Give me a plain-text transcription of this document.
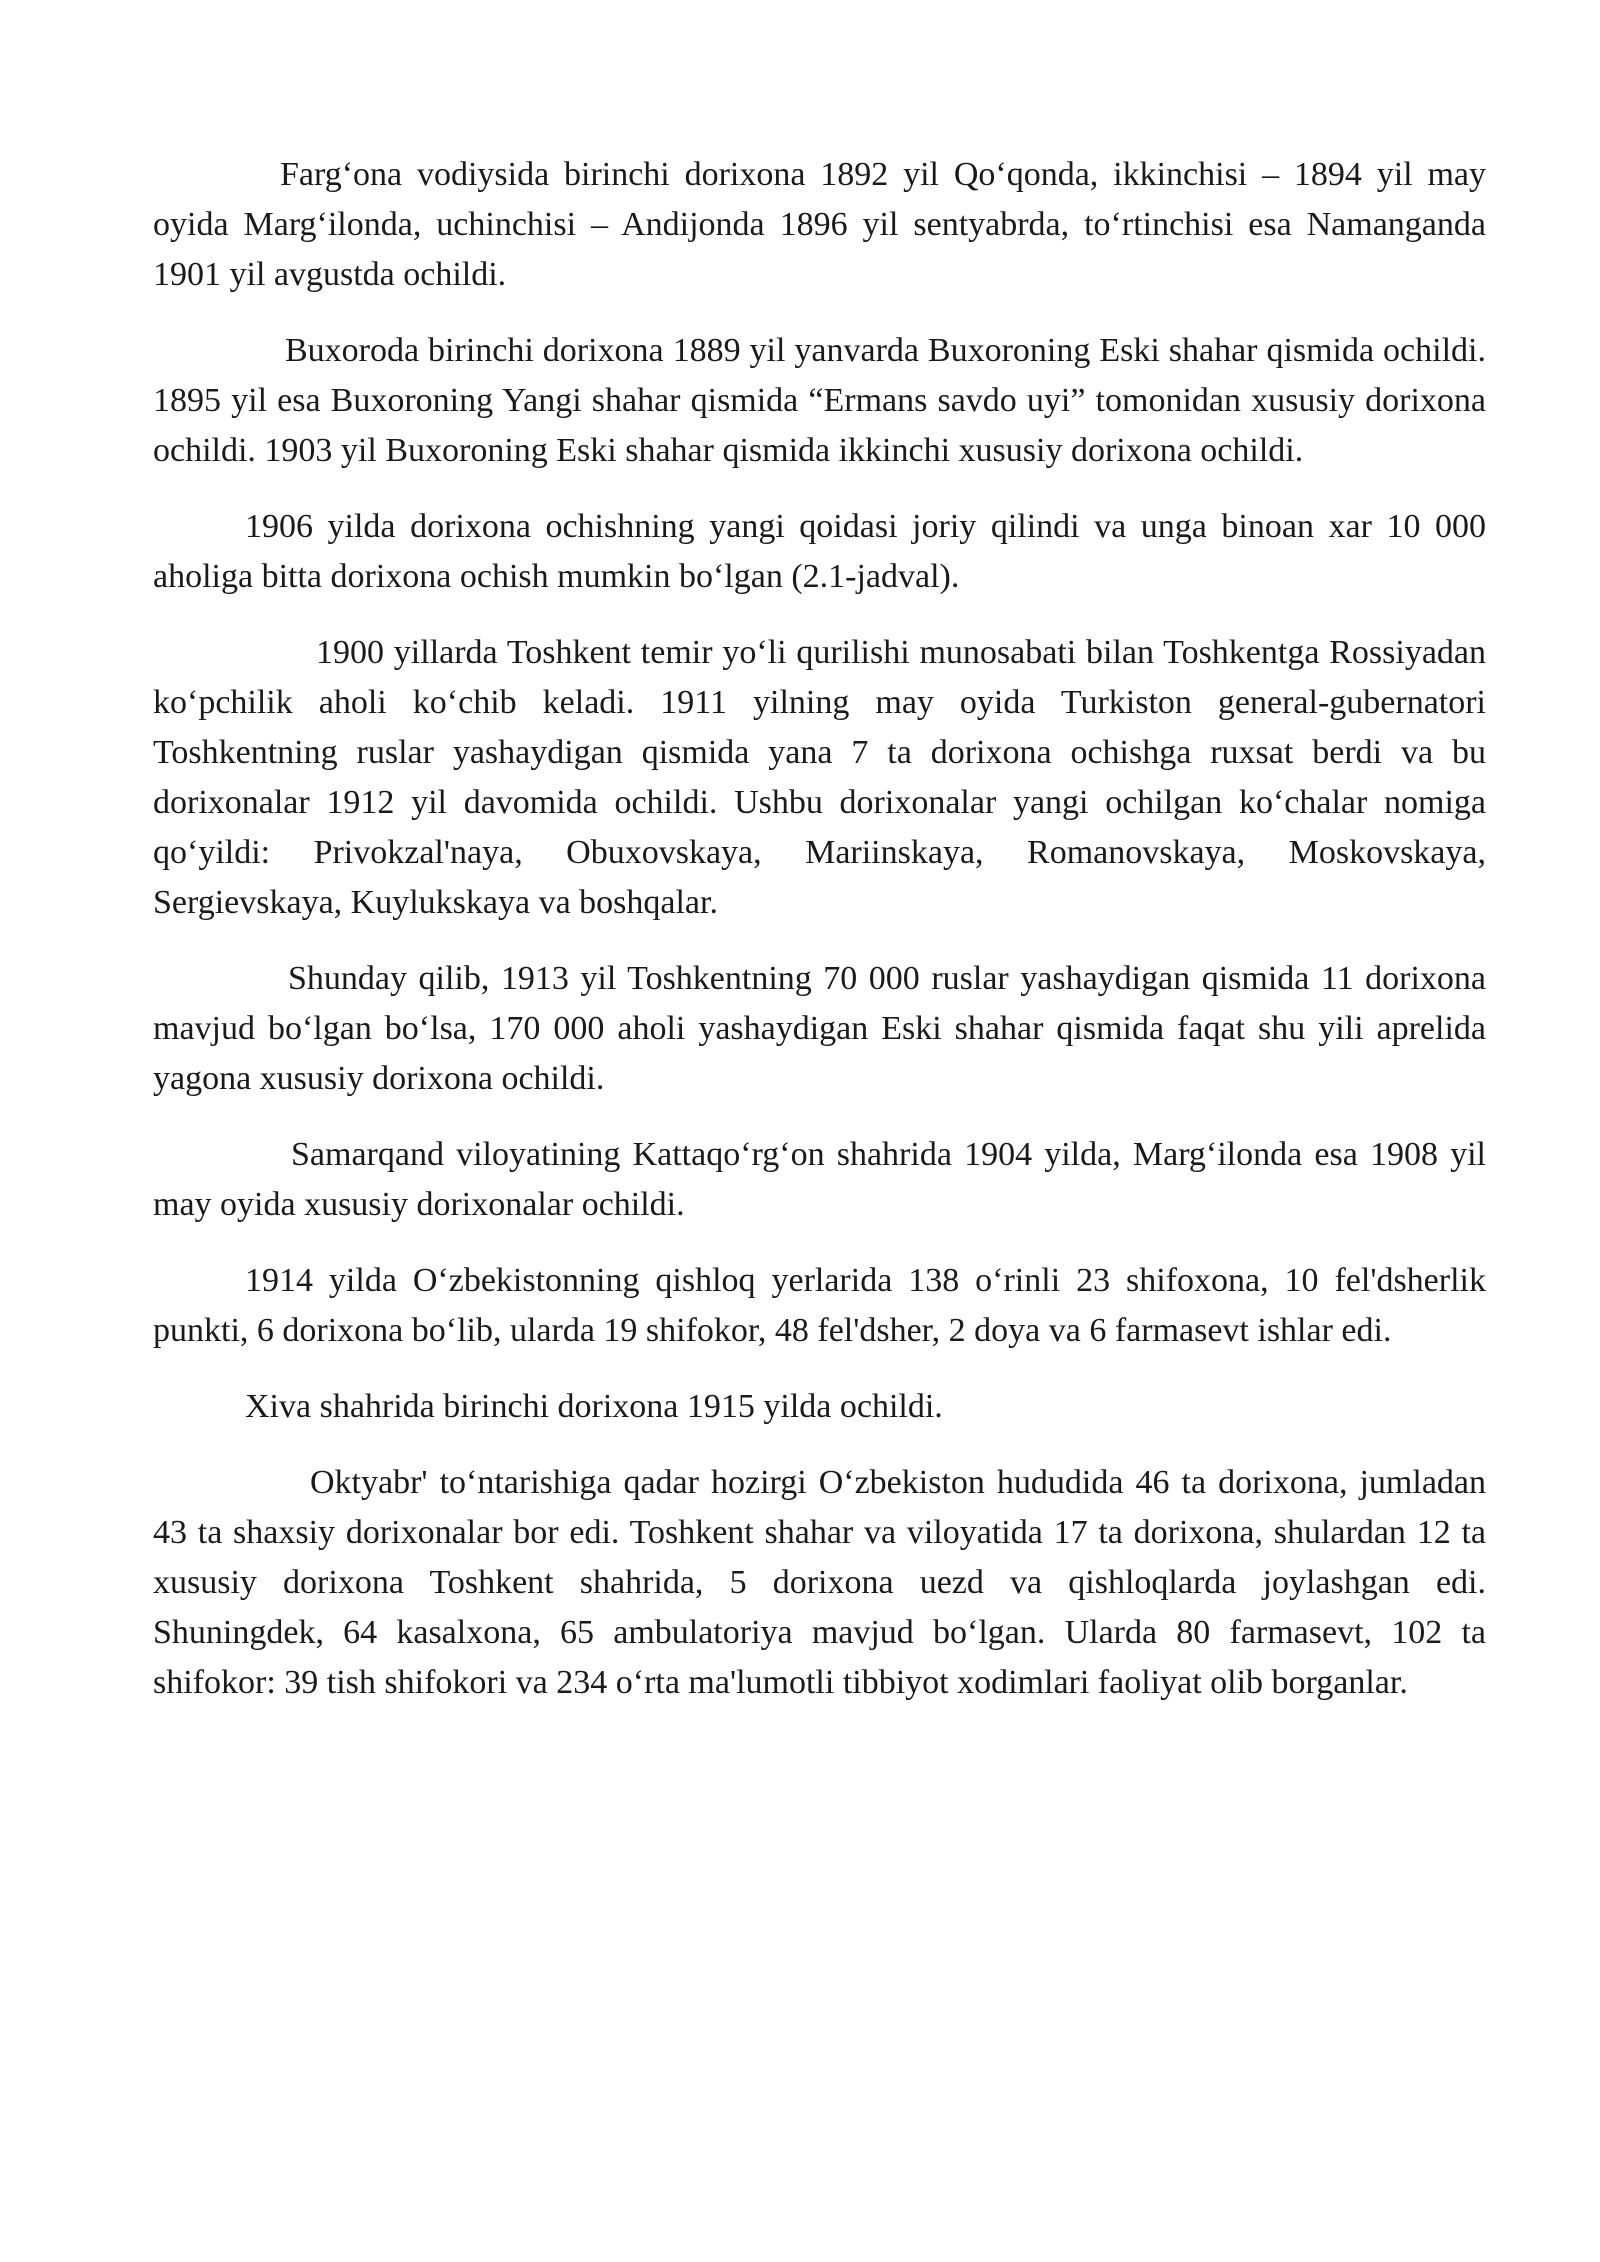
Farg‘ona vodiysida birinchi dorixona 1892 yil Qo‘qonda, ikkinchisi – 1894 yil may oyida Marg‘ilonda, uchinchisi – Andijonda 1896 yil sentyabrda, to‘rtinchisi esa Namanganda 1901 yil avgustda ochildi.

Buxoroda birinchi dorixona 1889 yil yanvarda Buxoroning Eski shahar qismida ochildi. 1895 yil esa Buxoroning Yangi shahar qismida “Ermans savdo uyi” tomonidan xususiy dorixona ochildi. 1903 yil Buxoroning Eski shahar qismida ikkinchi xususiy dorixona ochildi.

1906 yilda dorixona ochishning yangi qoidasi joriy qilindi va unga binoan xar 10 000 aholiga bitta dorixona ochish mumkin bo‘lgan (2.1-jadval).

1900 yillarda Toshkent temir yo‘li qurilishi munosabati bilan Toshkentga Rossiyadan ko‘pchilik aholi ko‘chib keladi. 1911 yilning may oyida Turkiston general-gubernatori Toshkentning ruslar yashaydigan qismida yana 7 ta dorixona ochishga ruxsat berdi va bu dorixonalar 1912 yil davomida ochildi. Ushbu dorixonalar yangi ochilgan ko‘chalar nomiga qo‘yildi: Privokzal'naya, Obuxovskaya, Mariinskaya, Romanovskaya, Moskovskaya, Sergievskaya, Kuylukskaya va boshqalar.

Shunday qilib, 1913 yil Toshkentning 70 000 ruslar yashaydigan qismida 11 dorixona mavjud bo‘lgan bo‘lsa, 170 000 aholi yashaydigan Eski shahar qismida faqat shu yili aprelida yagona xususiy dorixona ochildi.

Samarqand viloyatining Kattaqo‘rg‘on shahrida 1904 yilda, Marg‘ilonda esa 1908 yil may oyida xususiy dorixonalar ochildi.

1914 yilda O‘zbekistonning qishloq yerlarida 138 o‘rinli 23 shifoxona, 10 fel'dsherlik punkti, 6 dorixona bo‘lib, ularda 19 shifokor, 48 fel'dsher, 2 doya va 6 farmasevt ishlar edi.

Xiva shahrida birinchi dorixona 1915 yilda ochildi.

Oktyabr' to‘ntarishiga qadar hozirgi O‘zbekiston hududida 46 ta dorixona, jumladan 43 ta shaxsiy dorixonalar bor edi. Toshkent shahar va viloyatida 17 ta dorixona, shulardan 12 ta xususiy dorixona Toshkent shahrida, 5 dorixona uezd va qishloqlarda joylashgan edi. Shuningdek, 64 kasalxona, 65 ambulatoriya mavjud bo‘lgan. Ularda 80 farmasevt, 102 ta shifokor: 39 tish shifokori va 234 o‘rta ma'lumotli tibbiyot xodimlari faoliyat olib borganlar.
